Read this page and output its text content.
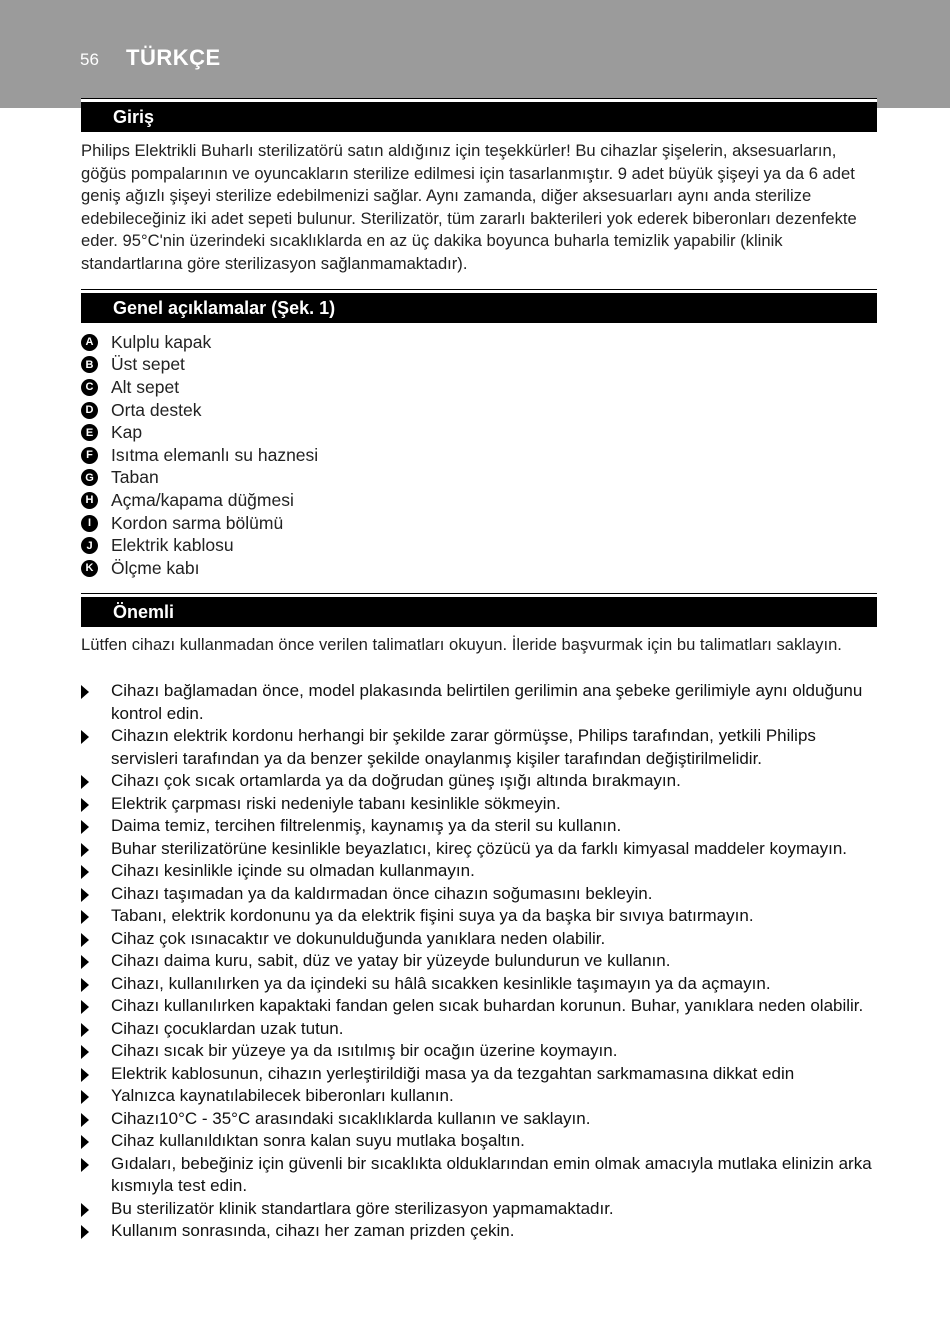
56 TÜRKÇE
Giriş

Philips Elektrikli Buharlı sterilizatörü satın aldığınız için teşekkürler! Bu cihazlar şişelerin, aksesuarların, göğüs pompalarının ve oyuncakların sterilize edilmesi için tasarlanmıştır. 9 adet büyük şişeyi ya da 6 adet geniş ağızlı şişeyi sterilize edebilmenizi sağlar. Aynı zamanda, diğer aksesuarları aynı anda sterilize edebileceğiniz iki adet sepeti bulunur. Sterilizatör, tüm zararlı bakterileri yok ederek biberonları dezenfekte eder. 95°C'nin üzerindeki sıcaklıklarda en az üç dakika boyunca buharla temizlik yapabilir (klinik standartlarına göre sterilizasyon sağlanmamaktadır).

Genel açıklamalar (Şek. 1)
A Kulplu kapak
B Üst sepet
C Alt sepet
D Orta destek
E Kap
F Isıtma elemanlı su haznesi
G Taban
H Açma/kapama düğmesi
I	Kordon sarma bölümü
J	Elektrik kablosu
K Ölçme kabı
Önemli

Lütfen cihazı kullanmadan önce verilen talimatları okuyun. İleride başvurmak için bu talimatları saklayın.

Cihazı bağlamadan önce, model plakasında belirtilen gerilimin ana şebeke gerilimiyle aynı olduğunu kontrol edin.
Cihazın elektrik kordonu herhangi bir şekilde zarar görmüşse, Philips tarafından, yetkili Philips servisleri tarafından ya da benzer şekilde onaylanmış kişiler tarafından değiştirilmelidir.
Cihazı çok sıcak ortamlarda ya da doğrudan güneş ışığı altında bırakmayın.
Elektrik çarpması riski nedeniyle tabanı kesinlikle sökmeyin.
Daima temiz, tercihen filtrelenmiş, kaynamış ya da steril su kullanın.
Buhar sterilizatörüne kesinlikle beyazlatıcı, kireç çözücü ya da farklı kimyasal maddeler koymayın.
Cihazı kesinlikle içinde su olmadan kullanmayın.
Cihazı taşımadan ya da kaldırmadan önce cihazın soğumasını bekleyin.
Tabanı, elektrik kordonunu ya da elektrik fişini suya ya da başka bir sıvıya batırmayın.
Cihaz çok ısınacaktır ve dokunulduğunda yanıklara neden olabilir.
Cihazı daima kuru, sabit, düz ve yatay bir yüzeyde bulundurun ve kullanın.
Cihazı, kullanılırken ya da içindeki su hâlâ sıcakken kesinlikle taşımayın ya da açmayın.
Cihazı kullanılırken kapaktaki fandan gelen sıcak buhardan korunun. Buhar, yanıklara neden olabilir.
Cihazı çocuklardan uzak tutun.
Cihazı sıcak bir yüzeye ya da ısıtılmış bir ocağın üzerine koymayın.
Elektrik kablosunun, cihazın yerleştirildiği masa ya da tezgahtan sarkmamasına dikkat edin
Yalnızca kaynatılabilecek biberonları kullanın.
Cihazı10°C - 35°C arasındaki sıcaklıklarda kullanın ve saklayın.
Cihaz kullanıldıktan sonra kalan suyu mutlaka boşaltın.
Gıdaları, bebeğiniz için güvenli bir sıcaklıkta olduklarından emin olmak amacıyla mutlaka elinizin arka kısmıyla test edin.
Bu sterilizatör klinik standartlara göre sterilizasyon yapmamaktadır.
Kullanım sonrasında, cihazı her zaman prizden çekin.
